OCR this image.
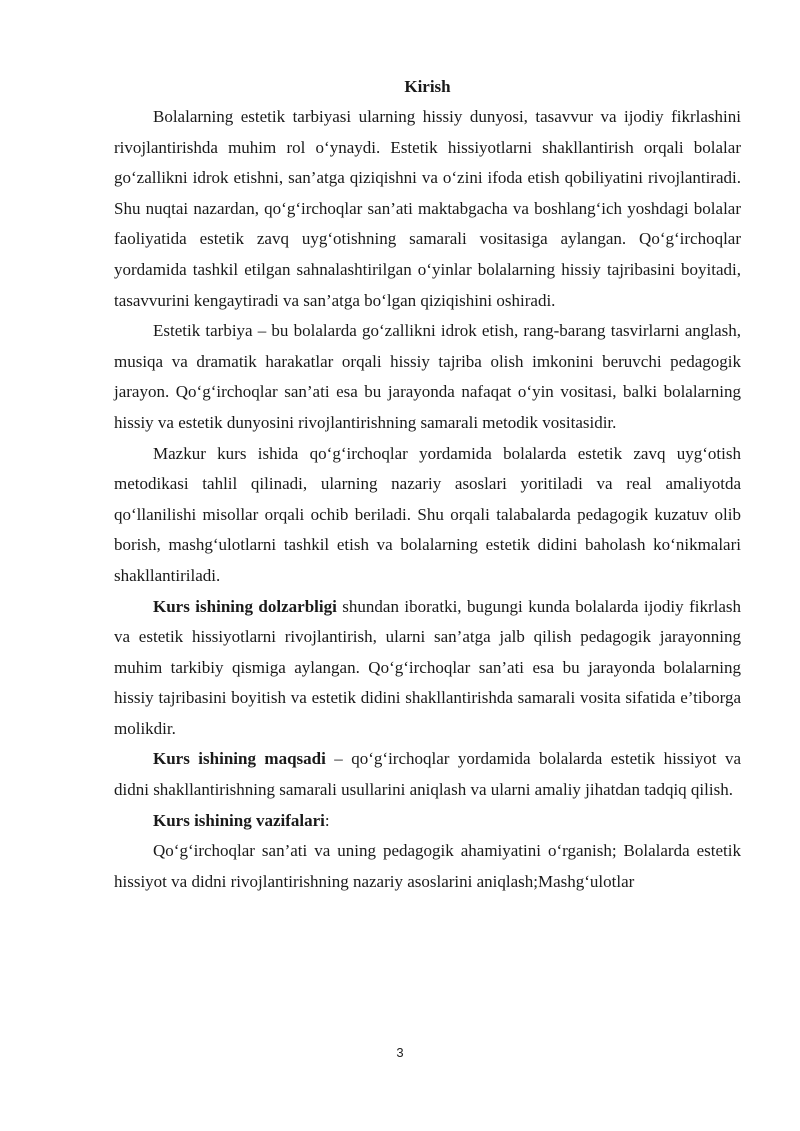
Kirish

Bolalarning estetik tarbiyasi ularning hissiy dunyosi, tasavvur va ijodiy fikrlashini rivojlantirishda muhim rol o‘ynaydi. Estetik hissiyotlarni shakllantirish orqali bolalar go‘zallikni idrok etishni, san’atga qiziqishni va o‘zini ifoda etish qobiliyatini rivojlantiradi. Shu nuqtai nazardan, qo‘g‘irchoqlar san’ati maktabgacha va boshlang‘ich yoshdagi bolalar faoliyatida estetik zavq uyg‘otishning samarali vositasiga aylangan. Qo‘g‘irchoqlar yordamida tashkil etilgan sahnalashtirilgan o‘yinlar bolalarning hissiy tajribasini boyitadi, tasavvurini kengaytiradi va san’atga bo‘lgan qiziqishini oshiradi.

Estetik tarbiya – bu bolalarda go‘zallikni idrok etish, rang-barang tasvirlarni anglash, musiqa va dramatik harakatlar orqali hissiy tajriba olish imkonini beruvchi pedagogik jarayon. Qo‘g‘irchoqlar san’ati esa bu jarayonda nafaqat o‘yin vositasi, balki bolalarning hissiy va estetik dunyosini rivojlantirishning samarali metodik vositasidir.

Mazkur kurs ishida qo‘g‘irchoqlar yordamida bolalarda estetik zavq uyg‘otish metodikasi tahlil qilinadi, ularning nazariy asoslari yoritiladi va real amaliyotda qo‘llanilishi misollar orqali ochib beriladi. Shu orqali talabalarda pedagogik kuzatuv olib borish, mashg‘ulotlarni tashkil etish va bolalarning estetik didini baholash ko‘nikmalari shakllantiriladi.

Kurs ishining dolzarbligi shundan iboratki, bugungi kunda bolalarda ijodiy fikrlash va estetik hissiyotlarni rivojlantirish, ularni san’atga jalb qilish pedagogik jarayonning muhim tarkibiy qismiga aylangan. Qo‘g‘irchoqlar san’ati esa bu jarayonda bolalarning hissiy tajribasini boyitish va estetik didini shakllantirishda samarali vosita sifatida e’tiborga molikdir.

Kurs ishining maqsadi – qo‘g‘irchoqlar yordamida bolalarda estetik hissiyot va didni shakllantirishning samarali usullarini aniqlash va ularni amaliy jihatdan tadqiq qilish.

Kurs ishining vazifalari:

Qo‘g‘irchoqlar san’ati va uning pedagogik ahamiyatini o‘rganish; Bolalarda estetik hissiyot va didni rivojlantirishning nazariy asoslarini aniqlash;Mashg‘ulotlar

3
